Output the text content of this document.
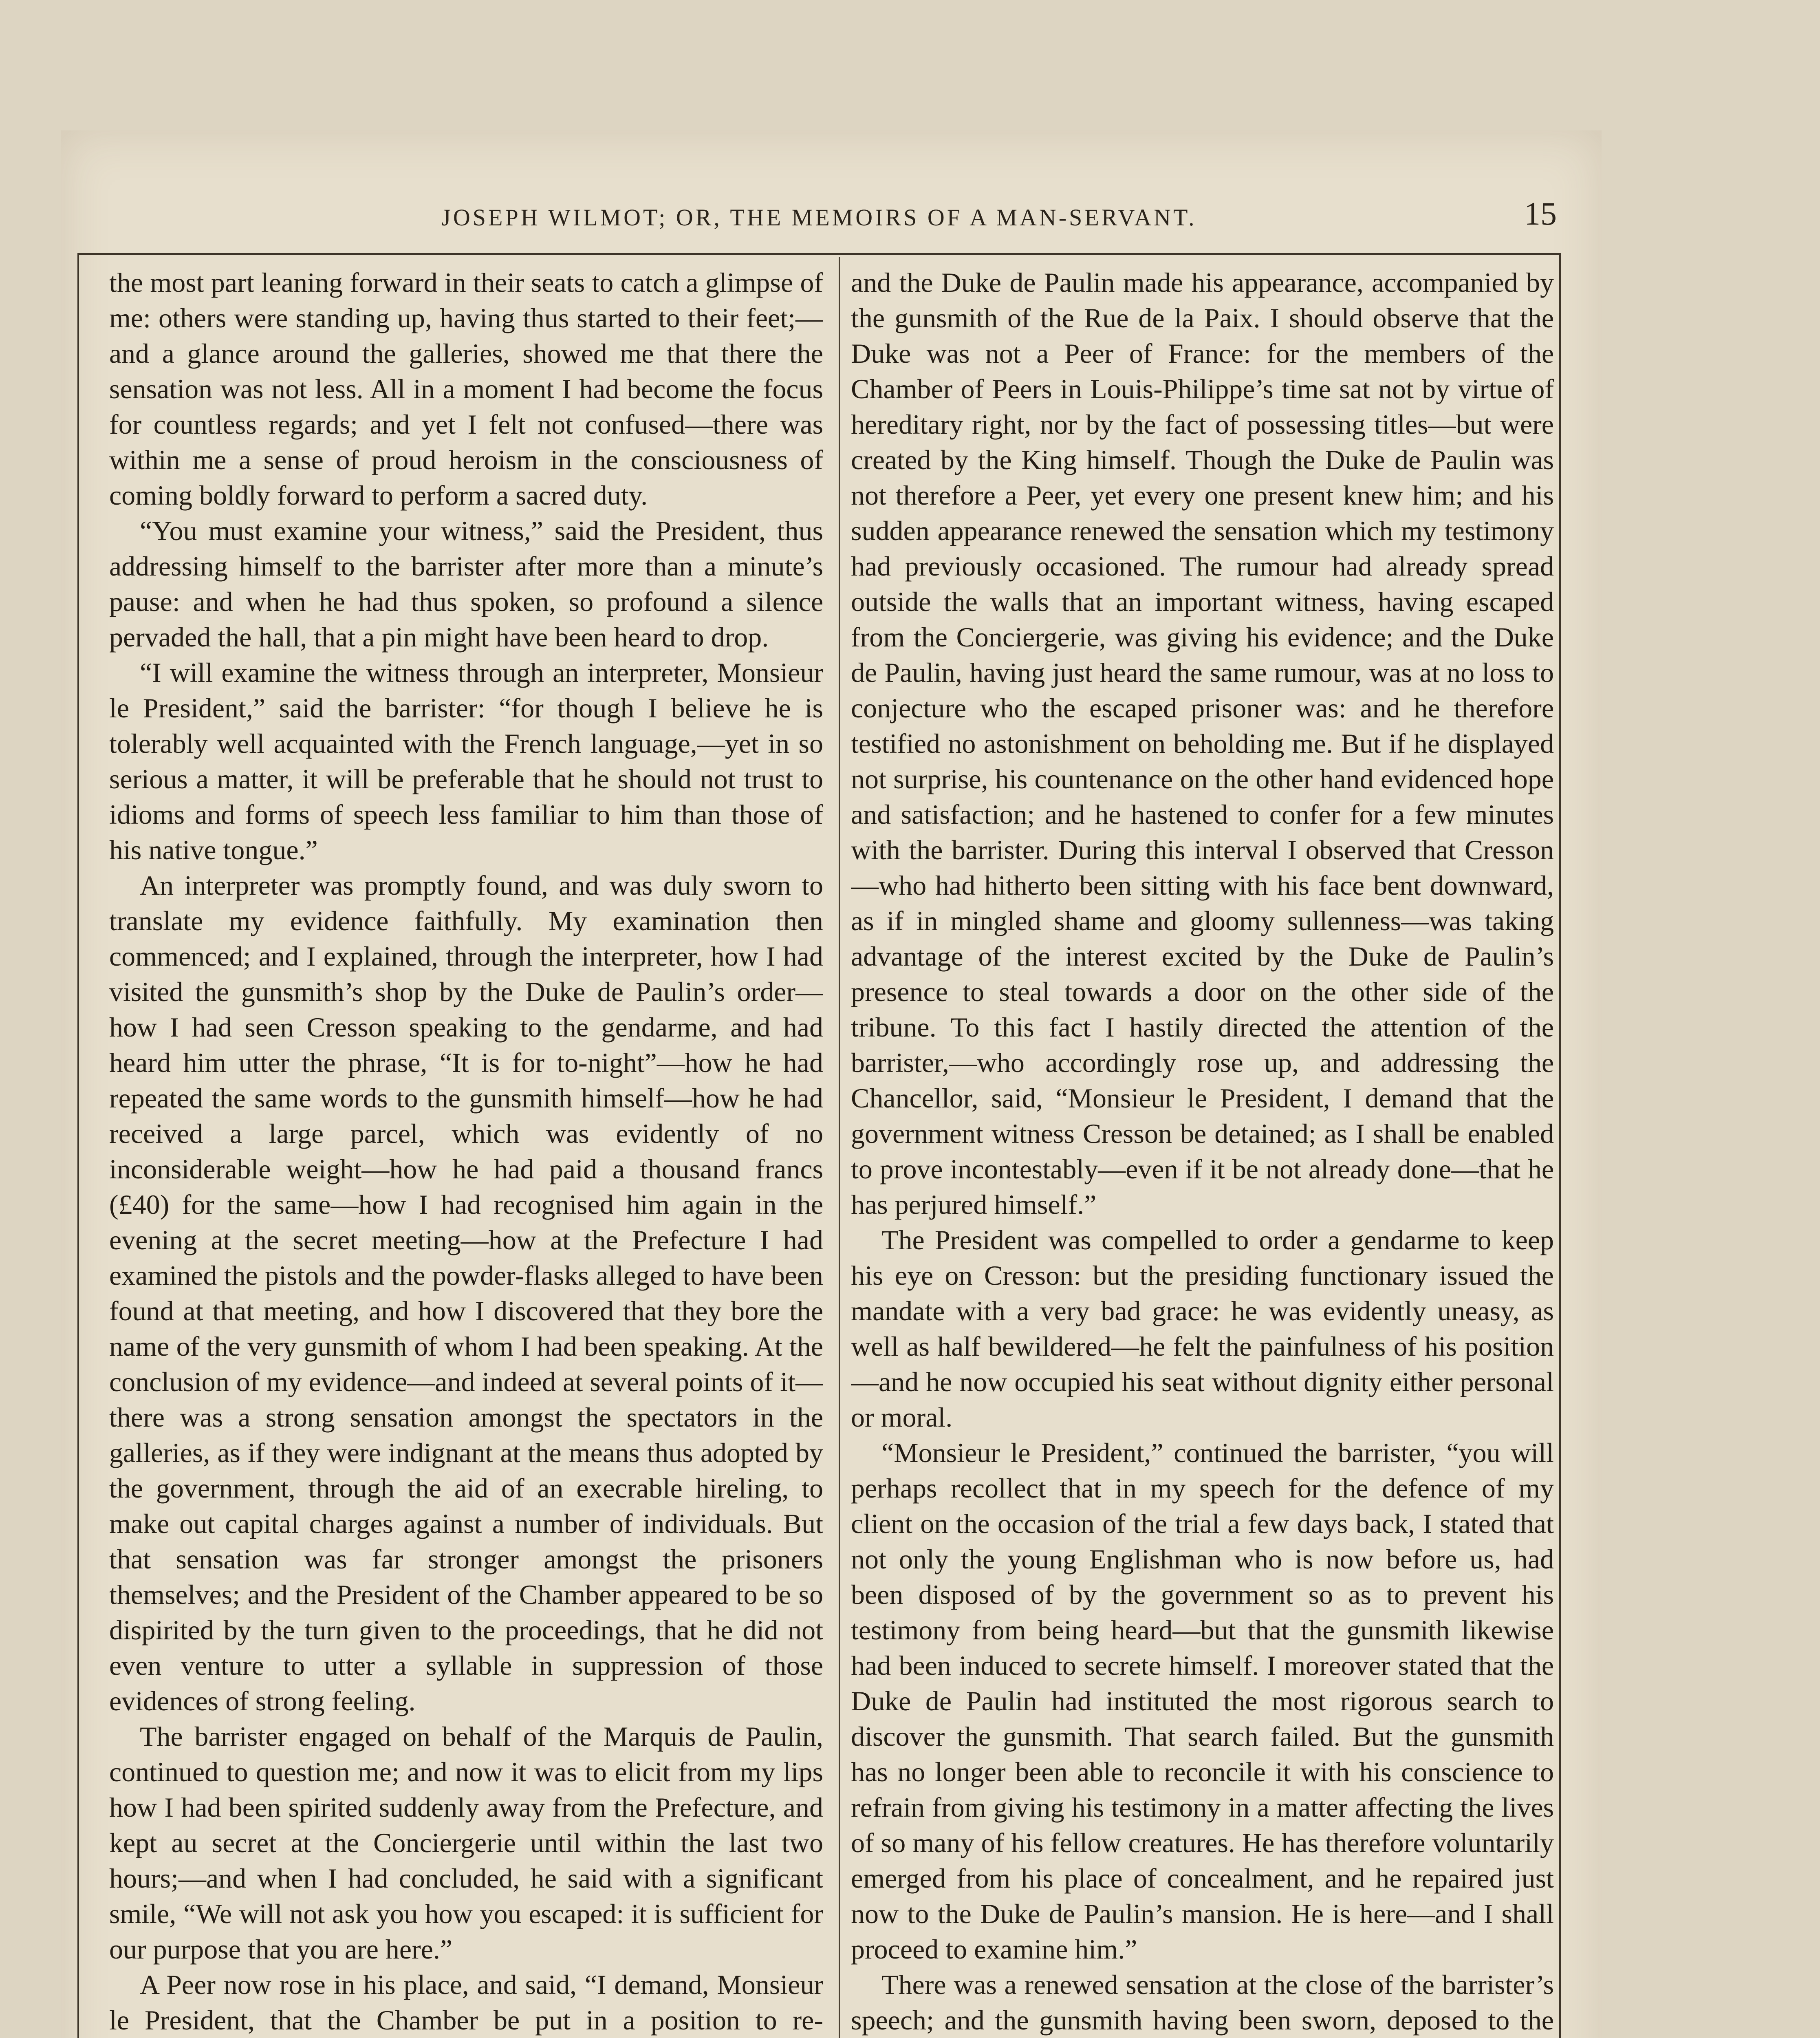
JOSEPH WILMOT; OR, THE MEMOIRS OF A MAN-SERVANT.	15

the most part leaning forward in their seats to catch a glimpse of me: others were standing up, having thus started to their feet;—and a glance around the galleries, showed me that there the sensation was not less. All in a moment I had become the focus for countless regards; and yet I felt not confused—there was within me a sense of proud heroism in the consciousness of coming boldly forward to perform a sacred duty.

“You must examine your witness,” said the President, thus addressing himself to the barrister after more than a minute’s pause: and when he had thus spoken, so profound a silence pervaded the hall, that a pin might have been heard to drop.

“I will examine the witness through an interpreter, Monsieur le President,” said the barrister: “for though I believe he is tolerably well acquainted with the French language,—yet in so serious a matter, it will be preferable that he should not trust to idioms and forms of speech less familiar to him than those of his native tongue.”

An interpreter was promptly found, and was duly sworn to translate my evidence faithfully. My examination then commenced; and I explained, through the interpreter, how I had visited the gunsmith’s shop by the Duke de Paulin’s order—how I had seen Cresson speaking to the gendarme, and had heard him utter the phrase, “It is for to-night”—how he had repeated the same words to the gunsmith himself—how he had received a large parcel, which was evidently of no inconsiderable weight—how he had paid a thousand francs (£40) for the same—how I had recognised him again in the evening at the secret meeting—how at the Prefecture I had examined the pistols and the powder-flasks alleged to have been found at that meeting, and how I discovered that they bore the name of the very gunsmith of whom I had been speaking. At the conclusion of my evidence—and indeed at several points of it—there was a strong sensation amongst the spectators in the galleries, as if they were indignant at the means thus adopted by the government, through the aid of an execrable hireling, to make out capital charges against a number of individuals. But that sensation was far stronger amongst the prisoners themselves; and the President of the Chamber appeared to be so dispirited by the turn given to the proceedings, that he did not even venture to utter a syllable in suppression of those evidences of strong feeling.

The barrister engaged on behalf of the Marquis de Paulin, continued to question me; and now it was to elicit from my lips how I had been spirited suddenly away from the Prefecture, and kept au secret at the Conciergerie until within the last two hours;—and when I had concluded, he said with a significant smile, “We will not ask you how you escaped: it is sufficient for our purpose that you are here.”

A Peer now rose in his place, and said, “I demand, Monsieur le President, that the Chamber be put in a position to re-

and the Duke de Paulin made his appearance, accompanied by the gunsmith of the Rue de la Paix. I should observe that the Duke was not a Peer of France: for the members of the Chamber of Peers in Louis-Philippe’s time sat not by virtue of hereditary right, nor by the fact of possessing titles—but were created by the King himself. Though the Duke de Paulin was not therefore a Peer, yet every one present knew him; and his sudden appearance renewed the sensation which my testimony had previously occasioned. The rumour had already spread outside the walls that an important witness, having escaped from the Conciergerie, was giving his evidence; and the Duke de Paulin, having just heard the same rumour, was at no loss to conjecture who the escaped prisoner was: and he therefore testified no astonishment on beholding me. But if he displayed not surprise, his countenance on the other hand evidenced hope and satisfaction; and he hastened to confer for a few minutes with the barrister. During this interval I observed that Cresson—who had hitherto been sitting with his face bent downward, as if in mingled shame and gloomy sullenness—was taking advantage of the interest excited by the Duke de Paulin’s presence to steal towards a door on the other side of the tribune. To this fact I hastily directed the attention of the barrister,—who accordingly rose up, and addressing the Chancellor, said, “Monsieur le President, I demand that the government witness Cresson be detained; as I shall be enabled to prove incontestably—even if it be not already done—that he has perjured himself.”

The President was compelled to order a gendarme to keep his eye on Cresson: but the presiding functionary issued the mandate with a very bad grace: he was evidently uneasy, as well as half bewildered—he felt the painfulness of his position—and he now occupied his seat without dignity either personal or moral.

“Monsieur le President,” continued the barrister, “you will perhaps recollect that in my speech for the defence of my client on the occasion of the trial a few days back, I stated that not only the young Englishman who is now before us, had been disposed of by the government so as to prevent his testimony from being heard—but that the gunsmith likewise had been induced to secrete himself. I moreover stated that the Duke de Paulin had instituted the most rigorous search to discover the gunsmith. That search failed. But the gunsmith has no longer been able to reconcile it with his conscience to refrain from giving his testimony in a matter affecting the lives of so many of his fellow creatures. He has therefore voluntarily emerged from his place of concealment, and he repaired just now to the Duke de Paulin’s mansion. He is here—and I shall proceed to examine him.”

There was a renewed sensation at the close of the barrister’s speech; and the gunsmith having been sworn, deposed to the
